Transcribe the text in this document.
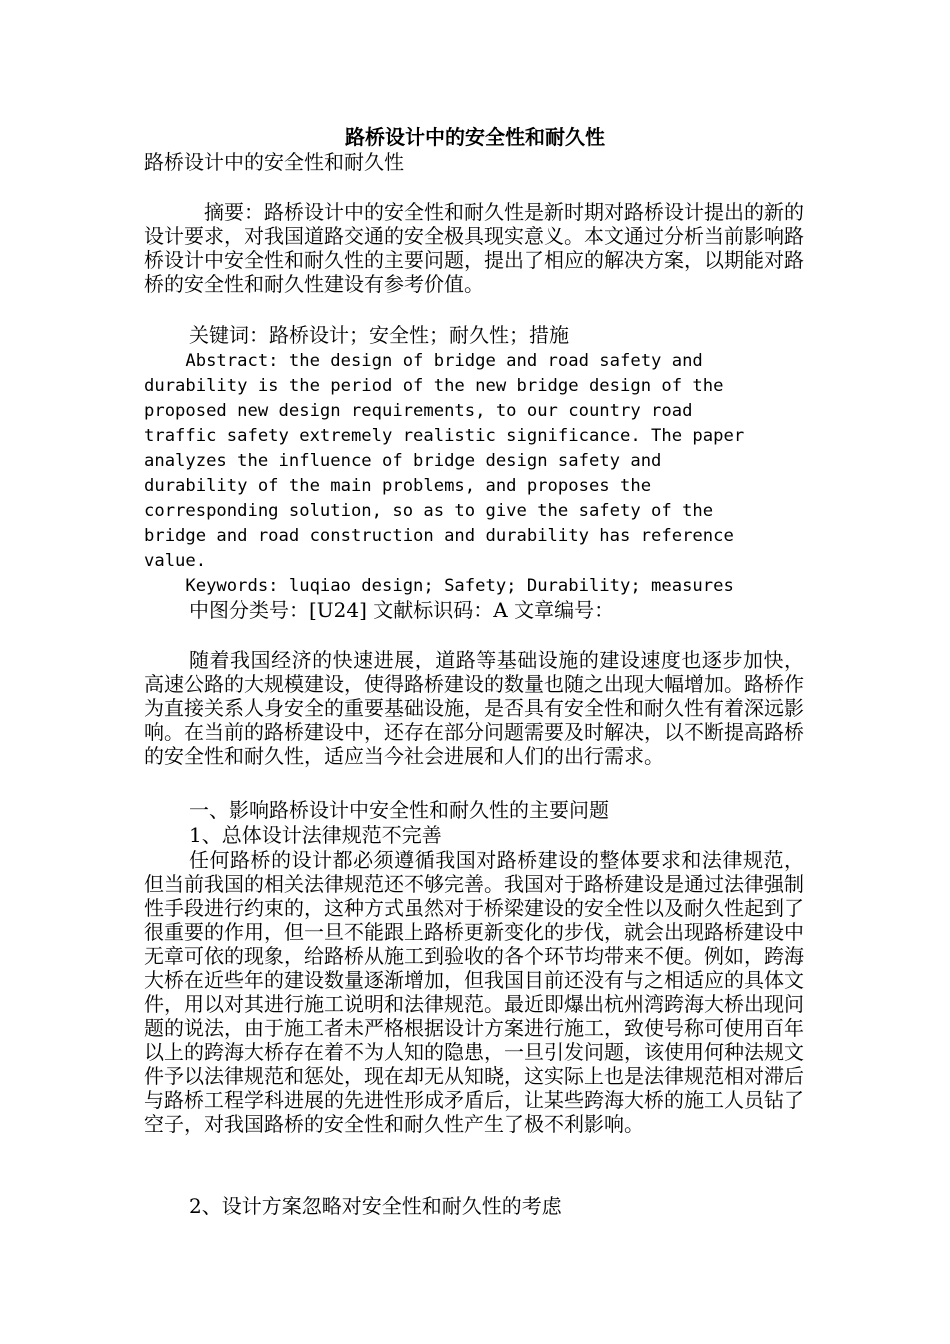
路桥设计中的安全性和耐久性
路桥设计中的安全性和耐久性
摘要：路桥设计中的安全性和耐久性是新时期对路桥设计提出的新的设计要求，对我国道路交通的安全极具现实意义。本文通过分析当前影响路桥设计中安全性和耐久性的主要问题，提出了相应的解决方案，以期能对路桥的安全性和耐久性建设有参考价值。
关键词：路桥设计；安全性；耐久性；措施
Abstract: the design of bridge and road safety and
durability is the period of the new bridge design of the
proposed new design requirements, to our country road
traffic safety extremely realistic significance. The paper
analyzes the influence of bridge design safety and
durability of the main problems, and proposes the
corresponding solution, so as to give the safety of the
bridge and road construction and durability has reference
value.
Keywords: luqiao design; Safety; Durability; measures
中图分类号：[U24] 文献标识码：A 文章编号：
随着我国经济的快速进展，道路等基础设施的建设速度也逐步加快，高速公路的大规模建设，使得路桥建设的数量也随之出现大幅增加。路桥作为直接关系人身安全的重要基础设施，是否具有安全性和耐久性有着深远影响。在当前的路桥建设中，还存在部分问题需要及时解决，以不断提高路桥的安全性和耐久性，适应当今社会进展和人们的出行需求。
一、影响路桥设计中安全性和耐久性的主要问题
1、总体设计法律规范不完善
任何路桥的设计都必须遵循我国对路桥建设的整体要求和法律规范，但当前我国的相关法律规范还不够完善。我国对于路桥建设是通过法律强制性手段进行约束的，这种方式虽然对于桥梁建设的安全性以及耐久性起到了很重要的作用，但一旦不能跟上路桥更新变化的步伐，就会出现路桥建设中无章可依的现象，给路桥从施工到验收的各个环节均带来不便。例如，跨海大桥在近些年的建设数量逐渐增加，但我国目前还没有与之相适应的具体文件，用以对其进行施工说明和法律规范。最近即爆出杭州湾跨海大桥出现问题的说法，由于施工者未严格根据设计方案进行施工，致使号称可使用百年以上的跨海大桥存在着不为人知的隐患，一旦引发问题，该使用何种法规文件予以法律规范和惩处，现在却无从知晓，这实际上也是法律规范相对滞后与路桥工程学科进展的先进性形成矛盾后，让某些跨海大桥的施工人员钻了空子，对我国路桥的安全性和耐久性产生了极不利影响。
2、设计方案忽略对安全性和耐久性的考虑
